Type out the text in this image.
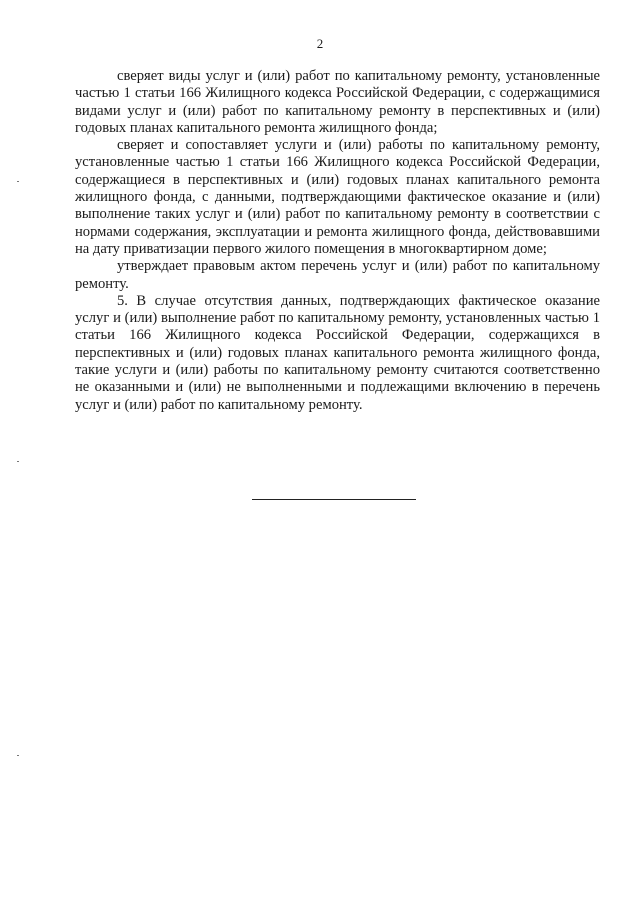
2

сверяет виды услуг и (или) работ по капитальному ремонту, установленные частью 1 статьи 166 Жилищного кодекса Российской Федерации, с содержащимися видами услуг и (или) работ по капитальному ремонту в перспективных и (или) годовых планах капитального ремонта жилищного фонда;

сверяет и сопоставляет услуги и (или) работы по капитальному ремонту, установленные частью 1 статьи 166 Жилищного кодекса Российской Федерации, содержащиеся в перспективных и (или) годовых планах капитального ремонта жилищного фонда, с данными, подтверждающими фактическое оказание и (или) выполнение таких услуг и (или) работ по капитальному ремонту в соответствии с нормами содержания, эксплуатации и ремонта жилищного фонда, действовавшими на дату приватизации первого жилого помещения в многоквартирном доме;

утверждает правовым актом перечень услуг и (или) работ по капитальному ремонту.

5. В случае отсутствия данных, подтверждающих фактическое оказание услуг и (или) выполнение работ по капитальному ремонту, установленных частью 1 статьи 166 Жилищного кодекса Российской Федерации, содержащихся в перспективных и (или) годовых планах капитального ремонта жилищного фонда, такие услуги и (или) работы по капитальному ремонту считаются соответственно не оказанными и (или) не выполненными и подлежащими включению в перечень услуг и (или) работ по капитальному ремонту.
